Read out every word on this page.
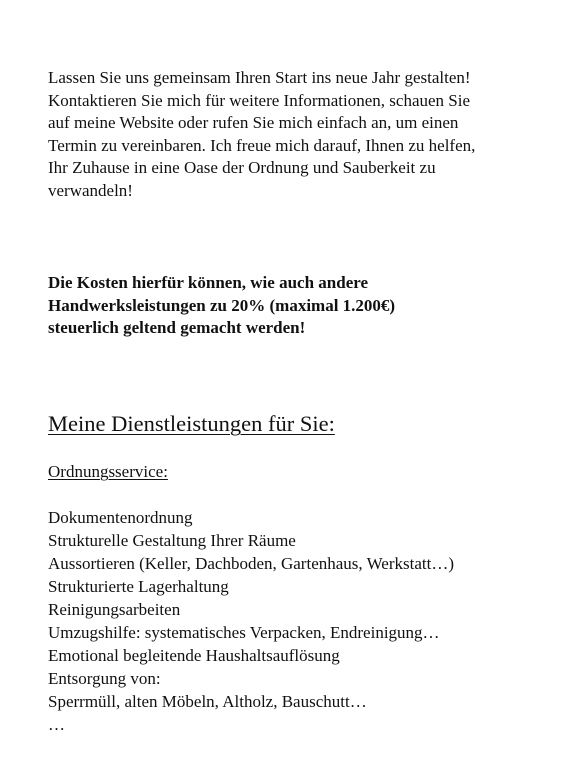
Lassen Sie uns gemeinsam Ihren Start ins neue Jahr gestalten!
Kontaktieren Sie mich für weitere Informationen, schauen Sie
auf meine Website oder rufen Sie mich einfach an, um einen
Termin zu vereinbaren. Ich freue mich darauf, Ihnen zu helfen,
Ihr Zuhause in eine Oase der Ordnung und Sauberkeit zu
verwandeln!

Die Kosten hierfür können, wie auch andere
Handwerksleistungen zu 20% (maximal 1.200€)
steuerlich geltend gemacht werden!

Meine Dienstleistungen für Sie:
Ordnungsservice:
Dokumentenordnung
Strukturelle Gestaltung Ihrer Räume
Aussortieren (Keller, Dachboden, Gartenhaus, Werkstatt…)
Strukturierte Lagerhaltung
Reinigungsarbeiten
Umzugshilfe: systematisches Verpacken, Endreinigung…
Emotional begleitende Haushaltsauflösung
Entsorgung von:
Sperrmüll, alten Möbeln, Altholz, Bauschutt…
…
